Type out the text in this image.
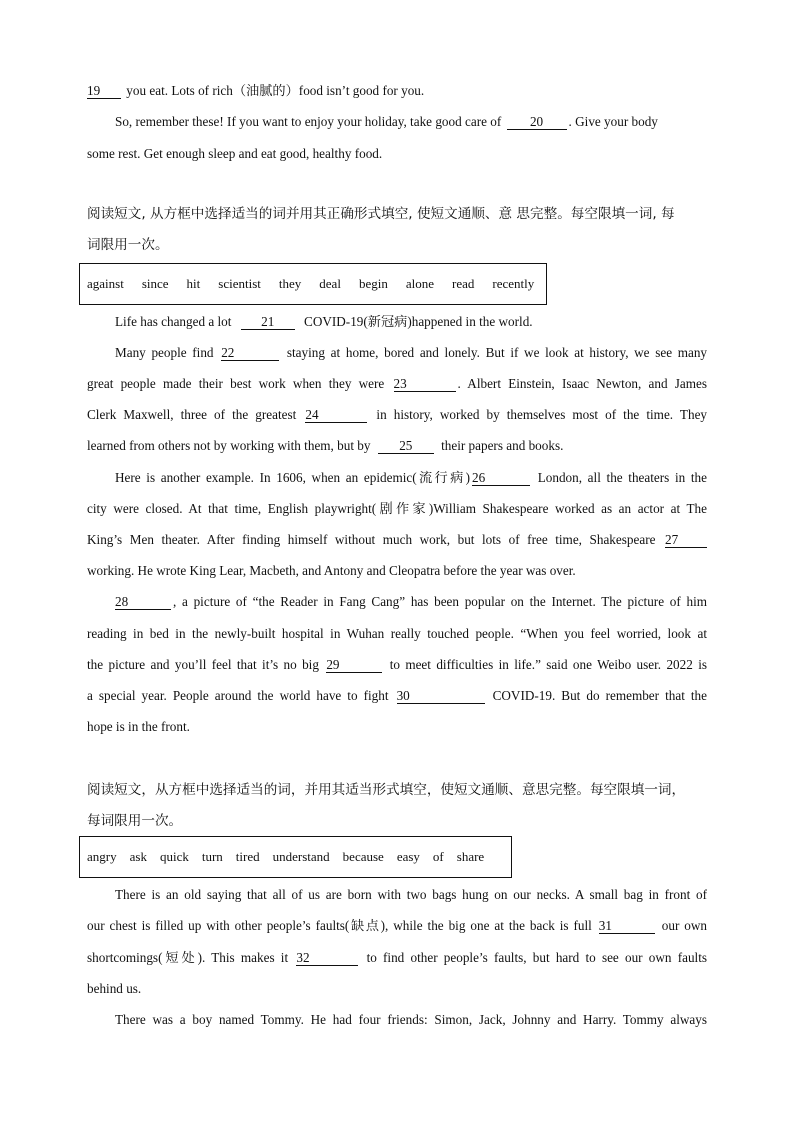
19 you eat. Lots of rich（油腻的）food isn’t good for you.
So, remember these! If you want to enjoy your holiday, take good care of 20 . Give your body
some rest. Get enough sleep and eat good, healthy food.
阅读短文, 从方框中选择适当的词并用其正确形式填空, 使短文通顺、意 思完整。每空限填一词, 每
词限用一次。
against since hit scientist they deal begin alone read recently
Life has changed a lot 21 COVID-19(新冠病)happened in the world.
Many people find 22	staying at home, bored and lonely. But if we look at history, we see many
great people made their best work when they were 23	. Albert Einstein, Isaac Newton, and James
Clerk Maxwell, three of the greatest 24	in history, worked by themselves most of the time. They
learned from others not by working with them, but by 25 their papers and books.
Here is another example. In 1606, when an epidemic(流行病) 26	London, all the theaters in the
city were closed. At that time, English playwright(剧作家)William Shakespeare worked as an actor at The
King’s Men theater. After finding himself without much work, but lots of free time, Shakespeare 27
working. He wrote King Lear, Macbeth, and Antony and Cleopatra before the year was over.
28	, a picture of “the Reader in Fang Cang” has been popular on the Internet. The picture of him
reading in bed in the newly-built hospital in Wuhan really touched people. “When you feel worried, look at
the picture and you’ll feel that it’s no big 29	to meet difficulties in life.” said one Weibo user. 2022 is
a special year. People around the world have to fight 30	COVID-19. But do remember that the
hope is in the front.
阅读短文，从方框中选择适当的词，并用其适当形式填空，使短文通顺、意思完整。每空限填一词，
每词限用一次。
angry ask quick turn tired understand because easy of share
There is an old saying that all of us are born with two bags hung on our necks. A small bag in front of
our chest is filled up with other people’s faults(缺点), while the big one at the back is full 31	our own
shortcomings(短处). This makes it 32	to find other people’s faults, but hard to see our own faults
behind us.
There was a boy named Tommy. He had four friends: Simon, Jack, Johnny and Harry. Tommy always
